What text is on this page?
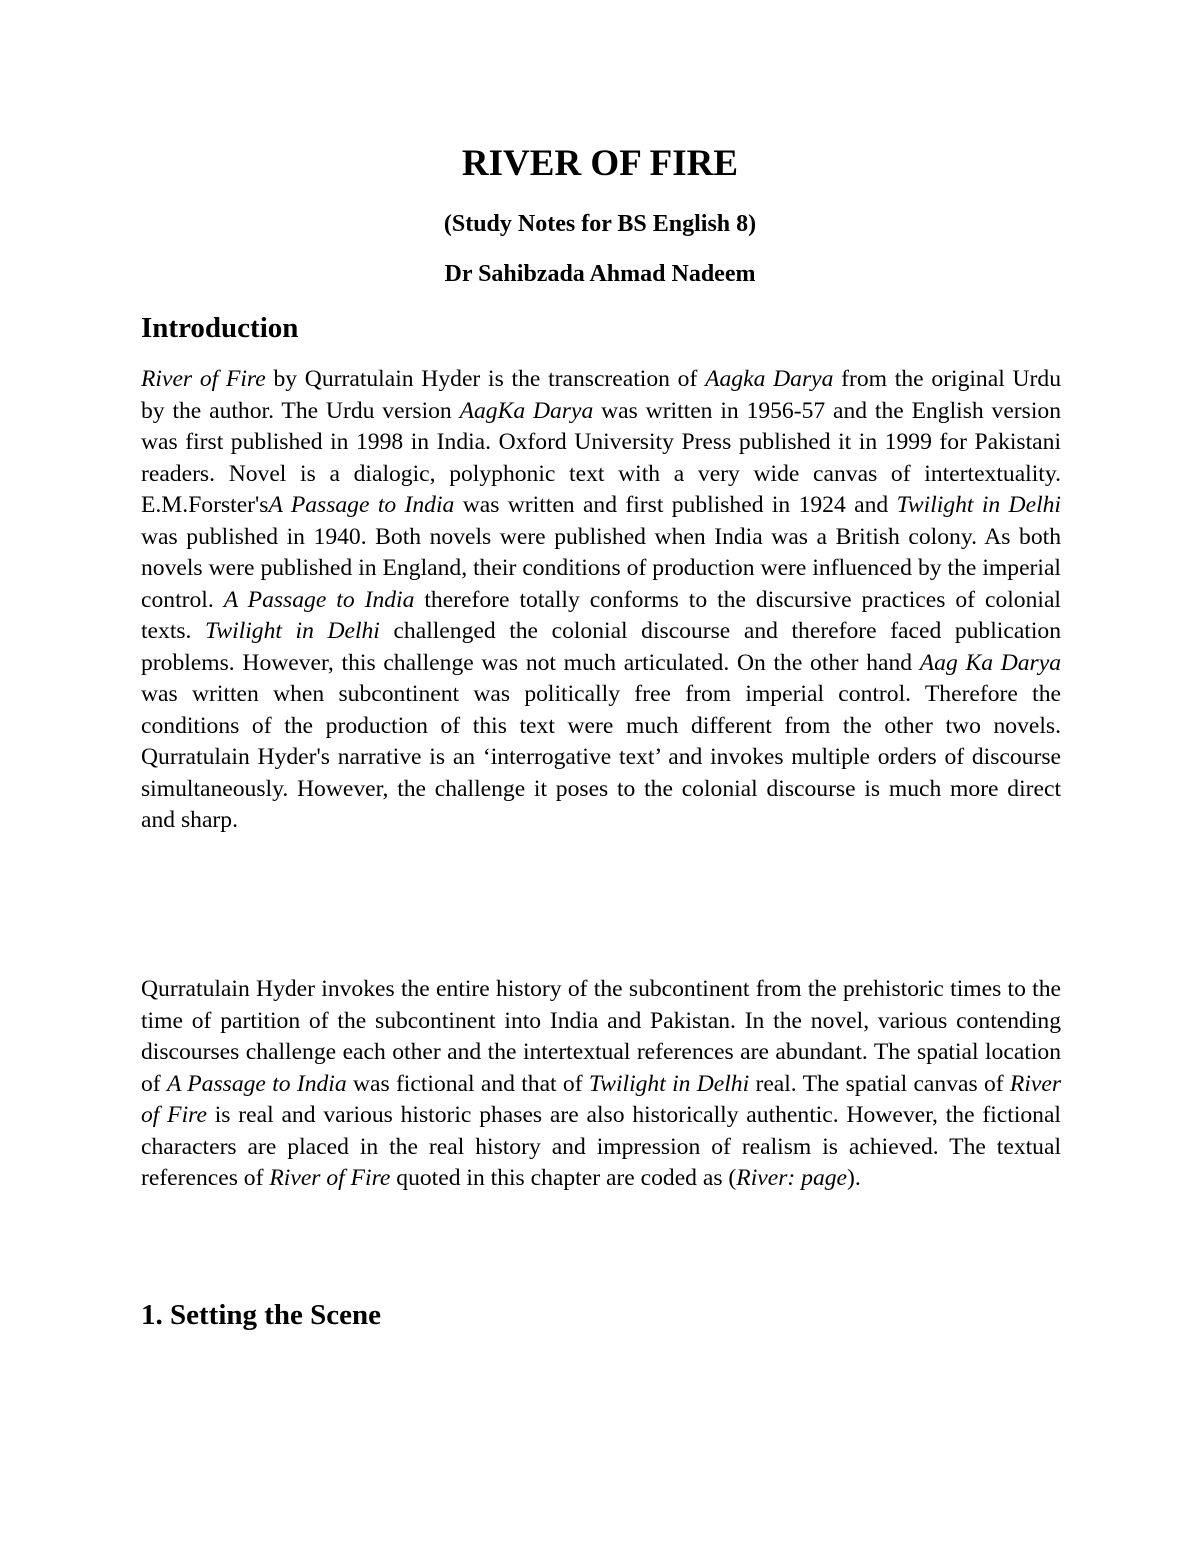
RIVER OF FIRE
(Study Notes for BS English 8)
Dr Sahibzada Ahmad Nadeem
Introduction

River of Fire by Qurratulain Hyder is the transcreation of Aagka Darya from the original Urdu by the author. The Urdu version AagKa Darya was written in 1956-57 and the English version was first published in 1998 in India. Oxford University Press published it in 1999 for Pakistani readers. Novel is a dialogic, polyphonic text with a very wide canvas of intertextuality. E.M.Forster'sA Passage to India was written and first published in 1924 and Twilight in Delhi was published in 1940. Both novels were published when India was a British colony. As both novels were published in England, their conditions of production were influenced by the imperial control. A Passage to India therefore totally conforms to the discursive practices of colonial texts. Twilight in Delhi challenged the colonial discourse and therefore faced publication problems. However, this challenge was not much articulated. On the other hand Aag Ka Darya was written when subcontinent was politically free from imperial control. Therefore the conditions of the production of this text were much different from the other two novels. Qurratulain Hyder's narrative is an ‘interrogative text’ and invokes multiple orders of discourse simultaneously. However, the challenge it poses to the colonial discourse is much more direct and sharp.

Qurratulain Hyder invokes the entire history of the subcontinent from the prehistoric times to the time of partition of the subcontinent into India and Pakistan. In the novel, various contending discourses challenge each other and the intertextual references are abundant. The spatial location of A Passage to India was fictional and that of Twilight in Delhi real. The spatial canvas of River of Fire is real and various historic phases are also historically authentic. However, the fictional characters are placed in the real history and impression of realism is achieved. The textual references of River of Fire quoted in this chapter are coded as (River: page).

1. Setting the Scene
